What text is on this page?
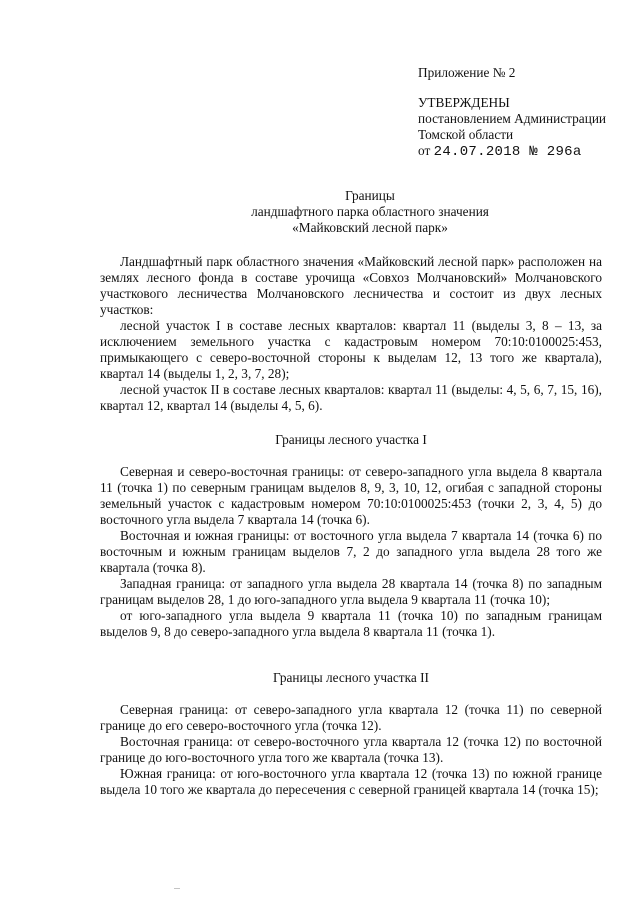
Приложение № 2
УТВЕРЖДЕНЫ
постановлением Администрации
Томской области
от 24.07.2018 № 296а
Границы
ландшафтного парка областного значения
«Майковский лесной парк»

Ландшафтный парк областного значения «Майковский лесной парк» расположен на землях лесного фонда в составе урочища «Совхоз Молчановский» Молчановского участкового лесничества Молчановского лесничества и состоит из двух лесных участков:

лесной участок I в составе лесных кварталов: квартал 11 (выделы 3, 8 – 13, за исключением земельного участка с кадастровым номером 70:10:0100025:453, примыкающего с северо-восточной стороны к выделам 12, 13 того же квартала), квартал 14 (выделы 1, 2, 3, 7, 28);

лесной участок II в составе лесных кварталов: квартал 11 (выделы: 4, 5, 6, 7, 15, 16), квартал 12, квартал 14 (выделы 4, 5, 6).

Границы лесного участка I

Северная и северо-восточная границы: от северо-западного угла выдела 8 квартала 11 (точка 1) по северным границам выделов 8, 9, 3, 10, 12, огибая с западной стороны земельный участок с кадастровым номером 70:10:0100025:453 (точки 2, 3, 4, 5) до восточного угла выдела 7 квартала 14 (точка 6).

Восточная и южная границы: от восточного угла выдела 7 квартала 14 (точка 6) по восточным и южным границам выделов 7, 2 до западного угла выдела 28 того же квартала (точка 8).

Западная граница: от западного угла выдела 28 квартала 14 (точка 8) по западным границам выделов 28, 1 до юго-западного угла выдела 9 квартала 11 (точка 10);

от юго-западного угла выдела 9 квартала 11 (точка 10) по западным границам выделов 9, 8 до северо-западного угла выдела 8 квартала 11 (точка 1).

Границы лесного участка II

Северная граница: от северо-западного угла квартала 12 (точка 11) по северной границе до его северо-восточного угла (точка 12).

Восточная граница: от северо-восточного угла квартала 12 (точка 12) по восточной границе до юго-восточного угла того же квартала (точка 13).

Южная граница: от юго-восточного угла квартала 12 (точка 13) по южной границе выдела 10 того же квартала до пересечения с северной границей квартала 14 (точка 15);

...
